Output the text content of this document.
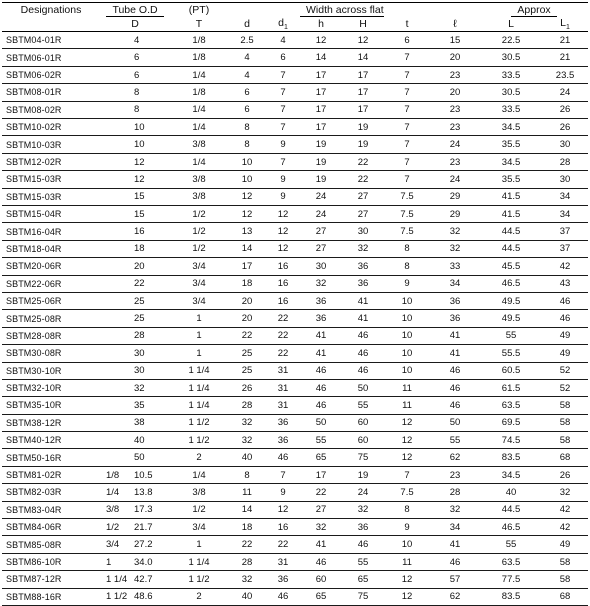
Designations	Tube O.D		(PT)			Width across flat				Approx	
	D		T	d	$d_1$	h	H	t	ℓ	L	$L_1$
SBTM04-01R		4	1/8	2.5	4	12	12	6	15	22.5	21
SBTM06-01R		6	1/8	4	6	14	14	7	20	30.5	21
SBTM06-02R		6	1/4	4	7	17	17	7	23	33.5	23.5
SBTM08-01R		8	1/8	6	7	17	17	7	20	30.5	24
SBTM08-02R		8	1/4	6	7	17	17	7	23	33.5	26
SBTM10-02R		10	1/4	8	7	17	19	7	23	34.5	26
SBTM10-03R		10	3/8	8	9	19	19	7	24	35.5	30
SBTM12-02R		12	1/4	10	7	19	22	7	23	34.5	28
SBTM15-03R		12	3/8	10	9	19	22	7	24	35.5	30
SBTM15-03R		15	3/8	12	9	24	27	7.5	29	41.5	34
SBTM15-04R		15	1/2	12	12	24	27	7.5	29	41.5	34
SBTM16-04R		16	1/2	13	12	27	30	7.5	32	44.5	37
SBTM18-04R		18	1/2	14	12	27	32	8	32	44.5	37
SBTM20-06R		20	3/4	17	16	30	36	8	33	45.5	42
SBTM22-06R		22	3/4	18	16	32	36	9	34	46.5	43
SBTM25-06R		25	3/4	20	16	36	41	10	36	49.5	46
SBTM25-08R		25	1	20	22	36	41	10	36	49.5	46
SBTM28-08R		28	1	22	22	41	46	10	41	55	49
SBTM30-08R		30	1	25	22	41	46	10	41	55.5	49
SBTM30-10R		30	1 1/4	25	31	46	46	10	46	60.5	52
SBTM32-10R		32	1 1/4	26	31	46	50	11	46	61.5	52
SBTM35-10R		35	1 1/4	28	31	46	55	11	46	63.5	58
SBTM38-12R		38	1 1/2	32	36	50	60	12	50	69.5	58
SBTM40-12R		40	1 1/2	32	36	55	60	12	55	74.5	58
SBTM50-16R		50	2	40	46	65	75	12	62	83.5	68
SBTM81-02R	1/8	10.5	1/4	8	7	17	19	7	23	34.5	26
SBTM82-03R	1/4	13.8	3/8	11	9	22	24	7.5	28	40	32
SBTM83-04R	3/8	17.3	1/2	14	12	27	32	8	32	44.5	42
SBTM84-06R	1/2	21.7	3/4	18	16	32	36	9	34	46.5	42
SBTM85-08R	3/4	27.2	1	22	22	41	46	10	41	55	49
SBTM86-10R	1	34.0	1 1/4	28	31	46	55	11	46	63.5	58
SBTM87-12R	1 1/4	42.7	1 1/2	32	36	60	65	12	57	77.5	58
SBTM88-16R	1 1/2	48.6	2	40	46	65	75	12	62	83.5	68
